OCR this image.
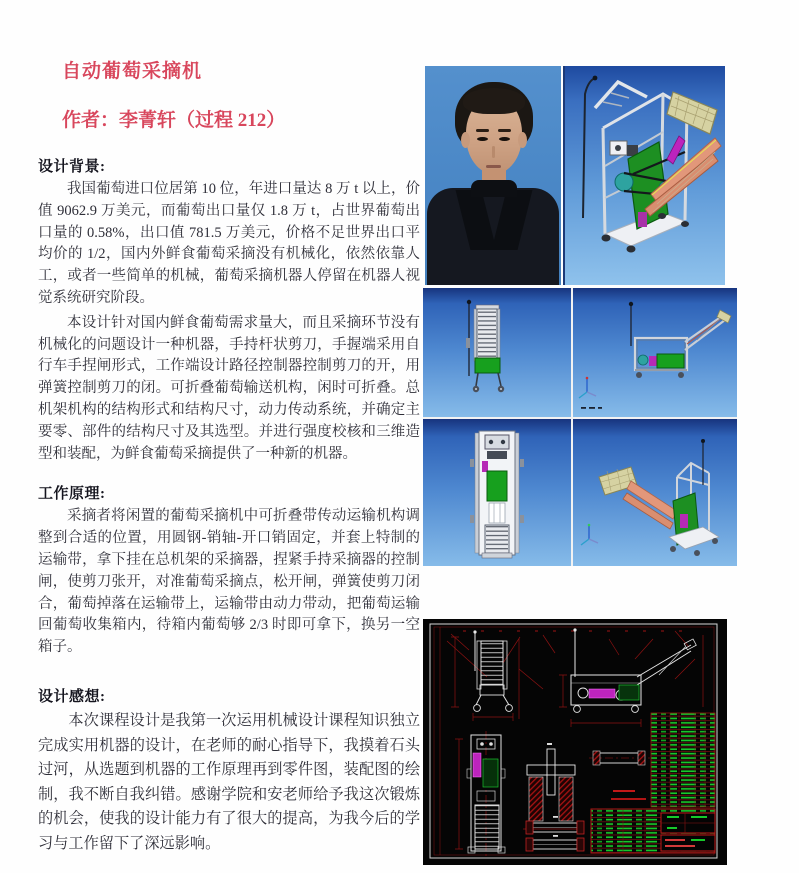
自动葡萄采摘机
作者：李菁轩（过程 212）
设计背景:

我国葡萄进口位居第 10 位，年进口量达 8 万 t 以上，价值 9062.9 万美元，而葡萄出口量仅 1.8 万 t，占世界葡萄出口量的 0.58%，出口值 781.5 万美元，价格不足世界出口平均价的 1/2，国内外鲜食葡萄采摘没有机械化，依然依靠人工，或者一些简单的机械，葡萄采摘机器人停留在机器人视觉系统研究阶段。

本设计针对国内鲜食葡萄需求量大，而且采摘环节没有机械化的问题设计一种机器，手持杆状剪刀，手握端采用自行车手捏闸形式，工作端设计路径控制器控制剪刀的开，用弹簧控制剪刀的闭。可折叠葡萄输送机构，闲时可折叠。总机架机构的结构形式和结构尺寸，动力传动系统，并确定主要零、部件的结构尺寸及其选型。并进行强度校核和三维造型和装配，为鲜食葡萄采摘提供了一种新的机器。

工作原理:

采摘者将闲置的葡萄采摘机中可折叠带传动运输机构调整到合适的位置，用圆钢-销轴-开口销固定，并套上特制的运输带，拿下挂在总机架的采摘器，捏紧手持采摘器的控制闸，使剪刀张开，对准葡萄采摘点，松开闸，弹簧使剪刀闭合，葡萄掉落在运输带上，运输带由动力带动，把葡萄运输回葡萄收集箱内，待箱内葡萄够 2/3 时即可拿下，换另一空箱子。

设计感想:

本次课程设计是我第一次运用机械设计课程知识独立完成实用机器的设计，在老师的耐心指导下，我摸着石头过河，从选题到机器的工作原理再到零件图，装配图的绘制，我不断自我纠错。感谢学院和安老师给予我这次锻炼的机会，使我的设计能力有了很大的提高，为我今后的学习与工作留下了深远影响。
